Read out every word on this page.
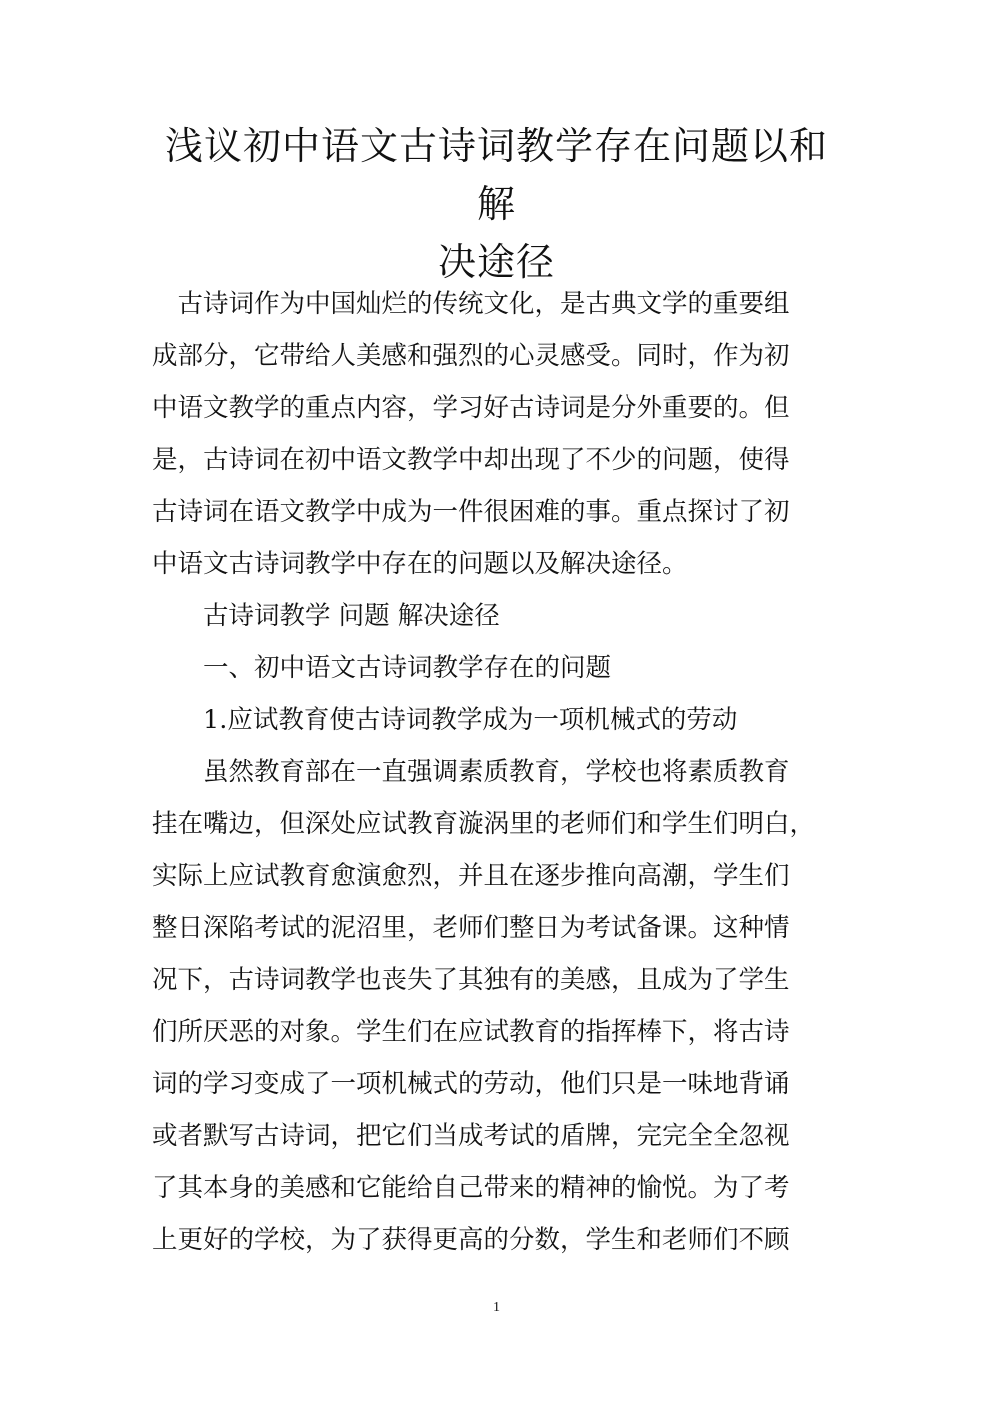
浅议初中语文古诗词教学存在问题以和解
决途径
　古诗词作为中国灿烂的传统文化，是古典文学的重要组
成部分，它带给人美感和强烈的心灵感受。同时，作为初
中语文教学的重点内容，学习好古诗词是分外重要的。但
是，古诗词在初中语文教学中却出现了不少的问题，使得
古诗词在语文教学中成为一件很困难的事。重点探讨了初
中语文古诗词教学中存在的问题以及解决途径。
　　古诗词教学 问题 解决途径
　　一、初中语文古诗词教学存在的问题
　　1.应试教育使古诗词教学成为一项机械式的劳动
　　虽然教育部在一直强调素质教育，学校也将素质教育
挂在嘴边，但深处应试教育漩涡里的老师们和学生们明白，
实际上应试教育愈演愈烈，并且在逐步推向高潮，学生们
整日深陷考试的泥沼里，老师们整日为考试备课。这种情
况下，古诗词教学也丧失了其独有的美感，且成为了学生
们所厌恶的对象。学生们在应试教育的指挥棒下，将古诗
词的学习变成了一项机械式的劳动，他们只是一味地背诵
或者默写古诗词，把它们当成考试的盾牌，完完全全忽视
了其本身的美感和它能给自己带来的精神的愉悦。为了考
上更好的学校，为了获得更高的分数，学生和老师们不顾
1
